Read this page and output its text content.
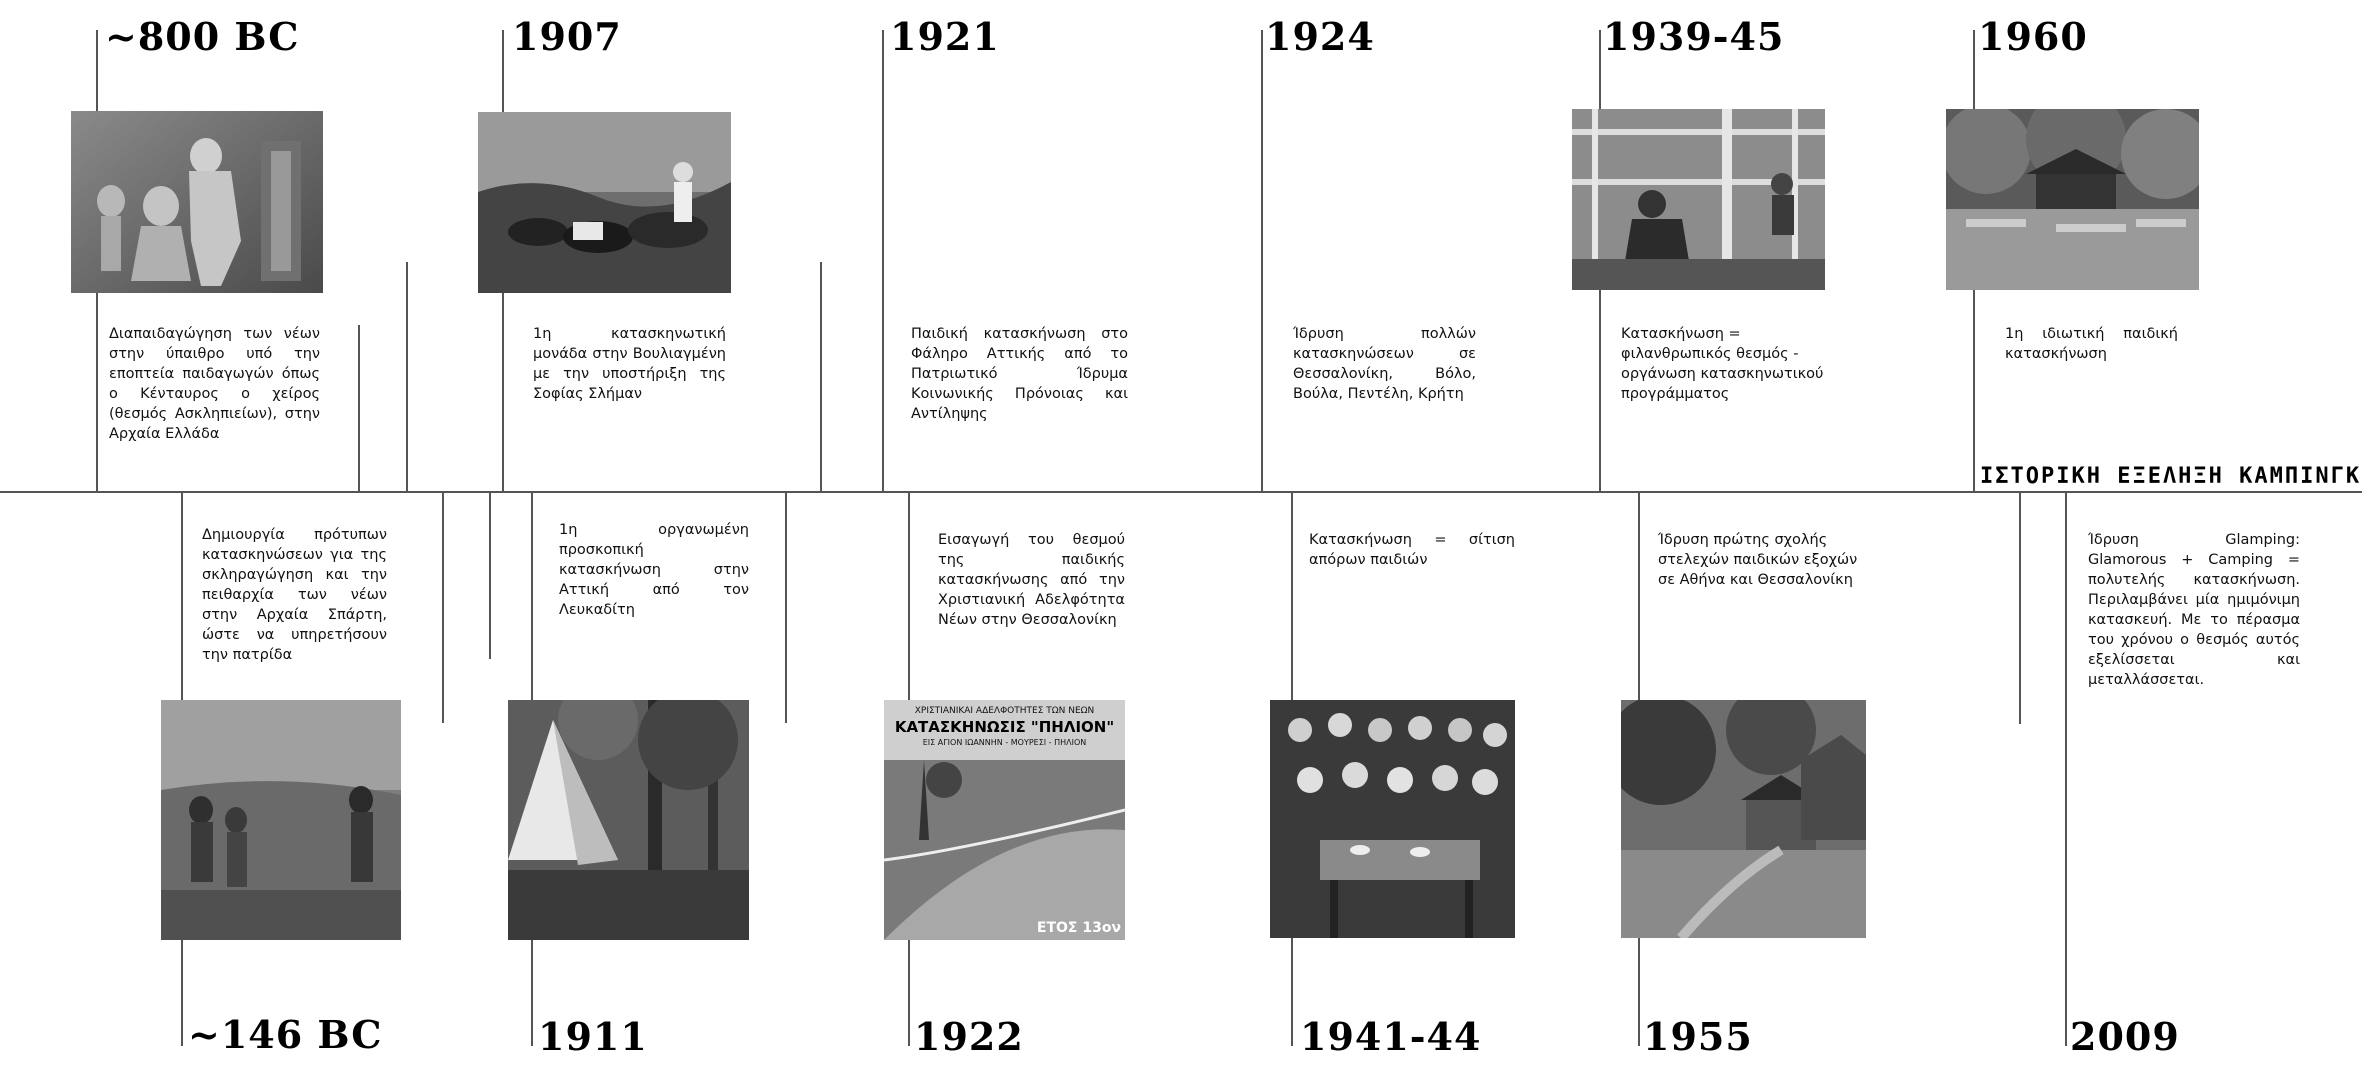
ΙΣΤΟΡΙΚΗ ΕΞΕΛΗΞΗ ΚΑΜΠΙΝΓΚ
~800 BC
Διαπαιδαγώγηση των νέων στην ύπαιθρο υπό την εποπτεία παιδαγωγών όπως ο Κένταυρος ο χείρος (θεσμός Ασκληπιείων), στην Αρχαία Ελλάδα
1907
1η κατασκηνωτική μονάδα στην Βουλιαγμένη με την υποστήριξη της Σοφίας Σλήμαν
1921
Παιδική κατασκήνωση στο Φάληρο Αττικής από το Πατριωτικό Ίδρυμα Κοινωνικής Πρόνοιας και Αντίληψης
1924
Ίδρυση πολλών κατασκηνώσεων σε Θεσσαλονίκη, Βόλο, Βούλα, Πεντέλη, Κρήτη
1939-45
Κατασκήνωση = φιλανθρωπικός θεσμός - οργάνωση κατασκηνωτικού προγράμματος
1960
1η ιδιωτική παιδική κατασκήνωση
~146 BC
Δημιουργία πρότυπων κατασκηνώσεων για της σκληραγώγηση και την πειθαρχία των νέων στην Αρχαία Σπάρτη, ώστε να υπηρετήσουν την πατρίδα
1911
1η οργανωμένη προσκοπική κατασκήνωση στην Αττική από τον Λευκαδίτη
1922
Εισαγωγή του θεσμού της παιδικής κατασκήνωσης από την Χριστιανική Αδελφότητα Νέων στην Θεσσαλονίκη
ΧΡΙΣΤΙΑΝΙΚΑΙ ΑΔΕΛΦΟΤΗΤΕΣ ΤΩΝ ΝΕΩΝ
ΚΑΤΑΣΚΗΝΩΣΙΣ "ΠΗΛΙΟΝ"
ΕΙΣ ΑΓΙΟΝ ΙΩΑΝΝΗΝ - ΜΟΥΡΕΣΙ - ΠΗΛΙΟΝ
ΕΤΟΣ 13ον
1941-44
Κατασκήνωση = σίτιση απόρων παιδιών
1955
Ίδρυση πρώτης σχολής στελεχών παιδικών εξοχών σε Αθήνα και Θεσσαλονίκη
2009
Ίδρυση Glamping: Glamorous + Camping = πολυτελής κατασκήνωση. Περιλαμβάνει μία ημιμόνιμη κατασκευή. Με το πέρασμα του χρόνου ο θεσμός αυτός εξελίσσεται και μεταλλάσσεται.
